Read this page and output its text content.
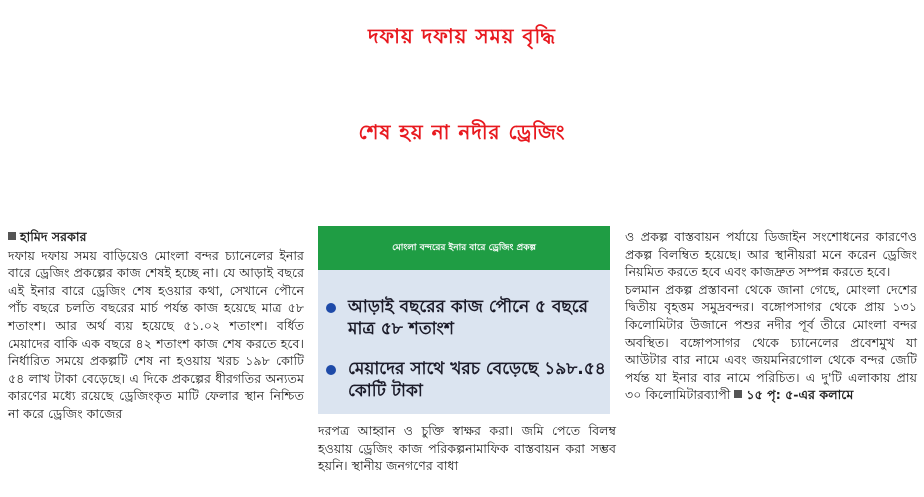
দফায় দফায় সময় বৃদ্ধি
শেষ হয় না নদীর ড্রেজিং
হামিদ সরকার

দফায় দফায় সময় বাড়িয়েও মোংলা বন্দর চ্যানেলের ইনার বারে ড্রেজিং প্রকল্পের কাজ শেষই হচ্ছে না। যে আড়াই বছরে এই ইনার বারে ড্রেজিং শেষ হওয়ার কথা, সেখানে পৌনে পাঁচ বছরে চলতি বছরের মার্চ পর্যন্ত কাজ হয়েছে মাত্র ৫৮ শতাংশ। আর অর্থ ব্যয় হয়েছে ৫১.০২ শতাংশ। বর্ধিত মেয়াদের বাকি এক বছরে ৪২ শতাংশ কাজ শেষ করতে হবে। নির্ধারিত সময়ে প্রকল্পটি শেষ না হওয়ায় খরচ ১৯৮ কোটি ৫৪ লাখ টাকা বেড়েছে। এ দিকে প্রকল্পের ধীরগতির অন্যতম কারণের মধ্যে রয়েছে ড্রেজিংকৃত মাটি ফেলার স্থান নিশ্চিত না করে ড্রেজিং কাজের

মোংলা বন্দরের ইনার বারে ড্রেজিং প্রকল্প
আড়াই বছরের কাজ পৌনে ৫ বছরে মাত্র ৫৮ শতাংশ
মেয়াদের সাথে খরচ বেড়েছে ১৯৮.৫৪ কোটি টাকা

দরপত্র আহ্বান ও চুক্তি স্বাক্ষর করা। জমি পেতে বিলম্ব হওয়ায় ড্রেজিং কাজ পরিকল্পনামাফিক বাস্তবায়ন করা সম্ভব হয়নি। স্থানীয় জনগণের বাধা

ও প্রকল্প বাস্তবায়ন পর্যায়ে ডিজাইন সংশোধনের কারণেও প্রকল্প বিলম্বিত হয়েছে। আর স্থানীয়রা মনে করেন ড্রেজিং নিয়মিত করতে হবে এবং কাজদ্রুত সম্পন্ন করতে হবে।

চলমান প্রকল্প প্রস্তাবনা থেকে জানা গেছে, মোংলা দেশের দ্বিতীয় বৃহত্তম সমুদ্রবন্দর। বঙ্গোপসাগর থেকে প্রায় ১৩১ কিলোমিটার উজানে পশুর নদীর পূর্ব তীরে মোংলা বন্দর অবস্থিত। বঙ্গোপসাগর থেকে চ্যানেলের প্রবেশমুখ যা আউটার বার নামে এবং জয়মনিরগোল থেকে বন্দর জেটি পর্যন্ত যা ইনার বার নামে পরিচিত। এ দু'টি এলাকায় প্রায় ৩০ কিলোমিটারব্যাপী ১৫ পৃ: ৫-এর কলামে
